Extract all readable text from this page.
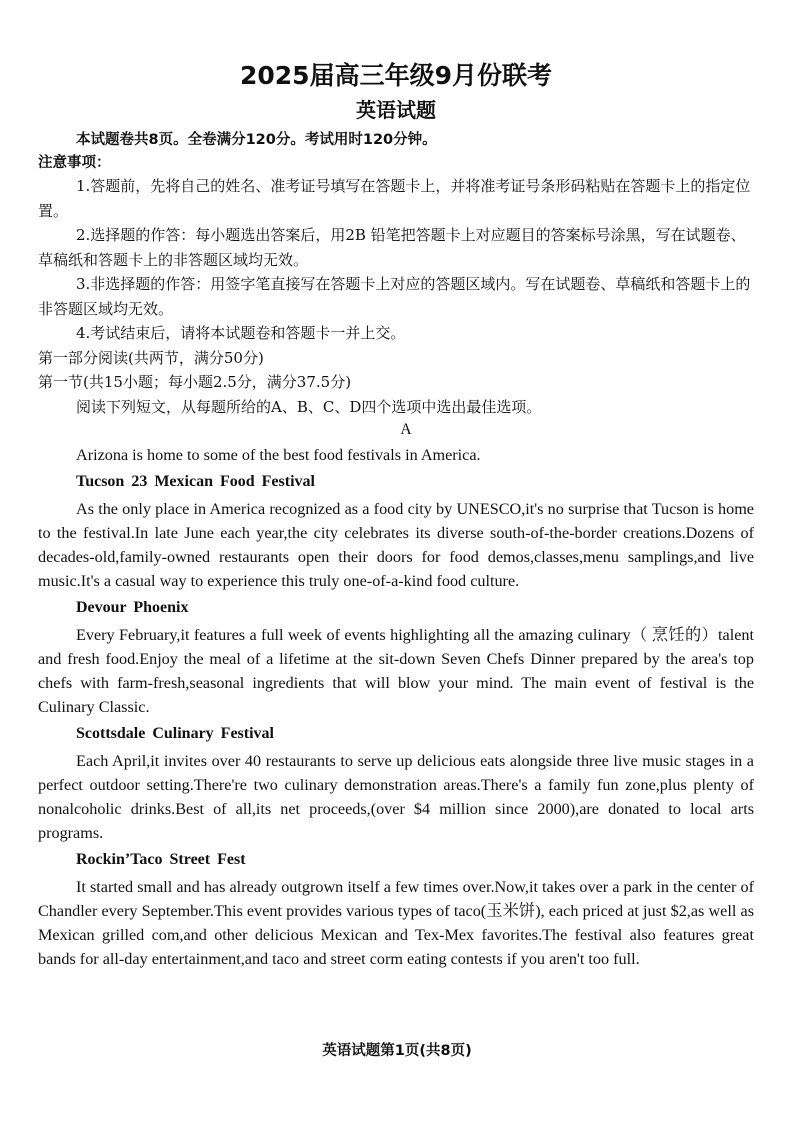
2025届高三年级9月份联考
英语试题

本试题卷共8页。全卷满分120分。考试用时120分钟。

注意事项：

1.答题前，先将自己的姓名、准考证号填写在答题卡上，并将准考证号条形码粘贴在答题卡上的指定位置。

2.选择题的作答：每小题选出答案后，用2B 铅笔把答题卡上对应题目的答案标号涂黑，写在试题卷、草稿纸和答题卡上的非答题区域均无效。

3.非选择题的作答：用签字笔直接写在答题卡上对应的答题区域内。写在试题卷、草稿纸和答题卡上的非答题区域均无效。

4.考试结束后，请将本试题卷和答题卡一并上交。

第一部分阅读(共两节，满分50分)

第一节(共15小题；每小题2.5分，满分37.5分)

阅读下列短文，从每题所给的A、B、C、D四个选项中选出最佳选项。

A

Arizona is home to some of the best food festivals in America.

Tucson 23 Mexican Food Festival

As the only place in America recognized as a food city by UNESCO,it's no surprise that Tucson is home to the festival.In late June each year,the city celebrates its diverse south-of-the-border creations.Dozens of decades-old,family-owned restaurants open their doors for food demos,classes,menu samplings,and live music.It's a casual way to experience this truly one-of-a-kind food culture.

Devour Phoenix

Every February,it features a full week of events highlighting all the amazing culinary（ 烹饪的）talent and fresh food.Enjoy the meal of a lifetime at the sit-down Seven Chefs Dinner prepared by the area's top chefs with farm-fresh,seasonal ingredients that will blow your mind. The main event of festival is the Culinary Classic.

Scottsdale Culinary Festival

Each April,it invites over 40 restaurants to serve up delicious eats alongside three live music stages in a perfect outdoor setting.There're two culinary demonstration areas.There's a family fun zone,plus plenty of nonalcoholic drinks.Best of all,its net proceeds,(over $4 million since 2000),are donated to local arts programs.

Rockin’Taco Street Fest

It started small and has already outgrown itself a few times over.Now,it takes over a park in the center of Chandler every September.This event provides various types of taco(玉米饼), each priced at just $2,as well as Mexican grilled com,and other delicious Mexican and Tex-Mex favorites.The festival also features great bands for all-day entertainment,and taco and street corm eating contests if you aren't too full.

英语试题第1页(共8页)
